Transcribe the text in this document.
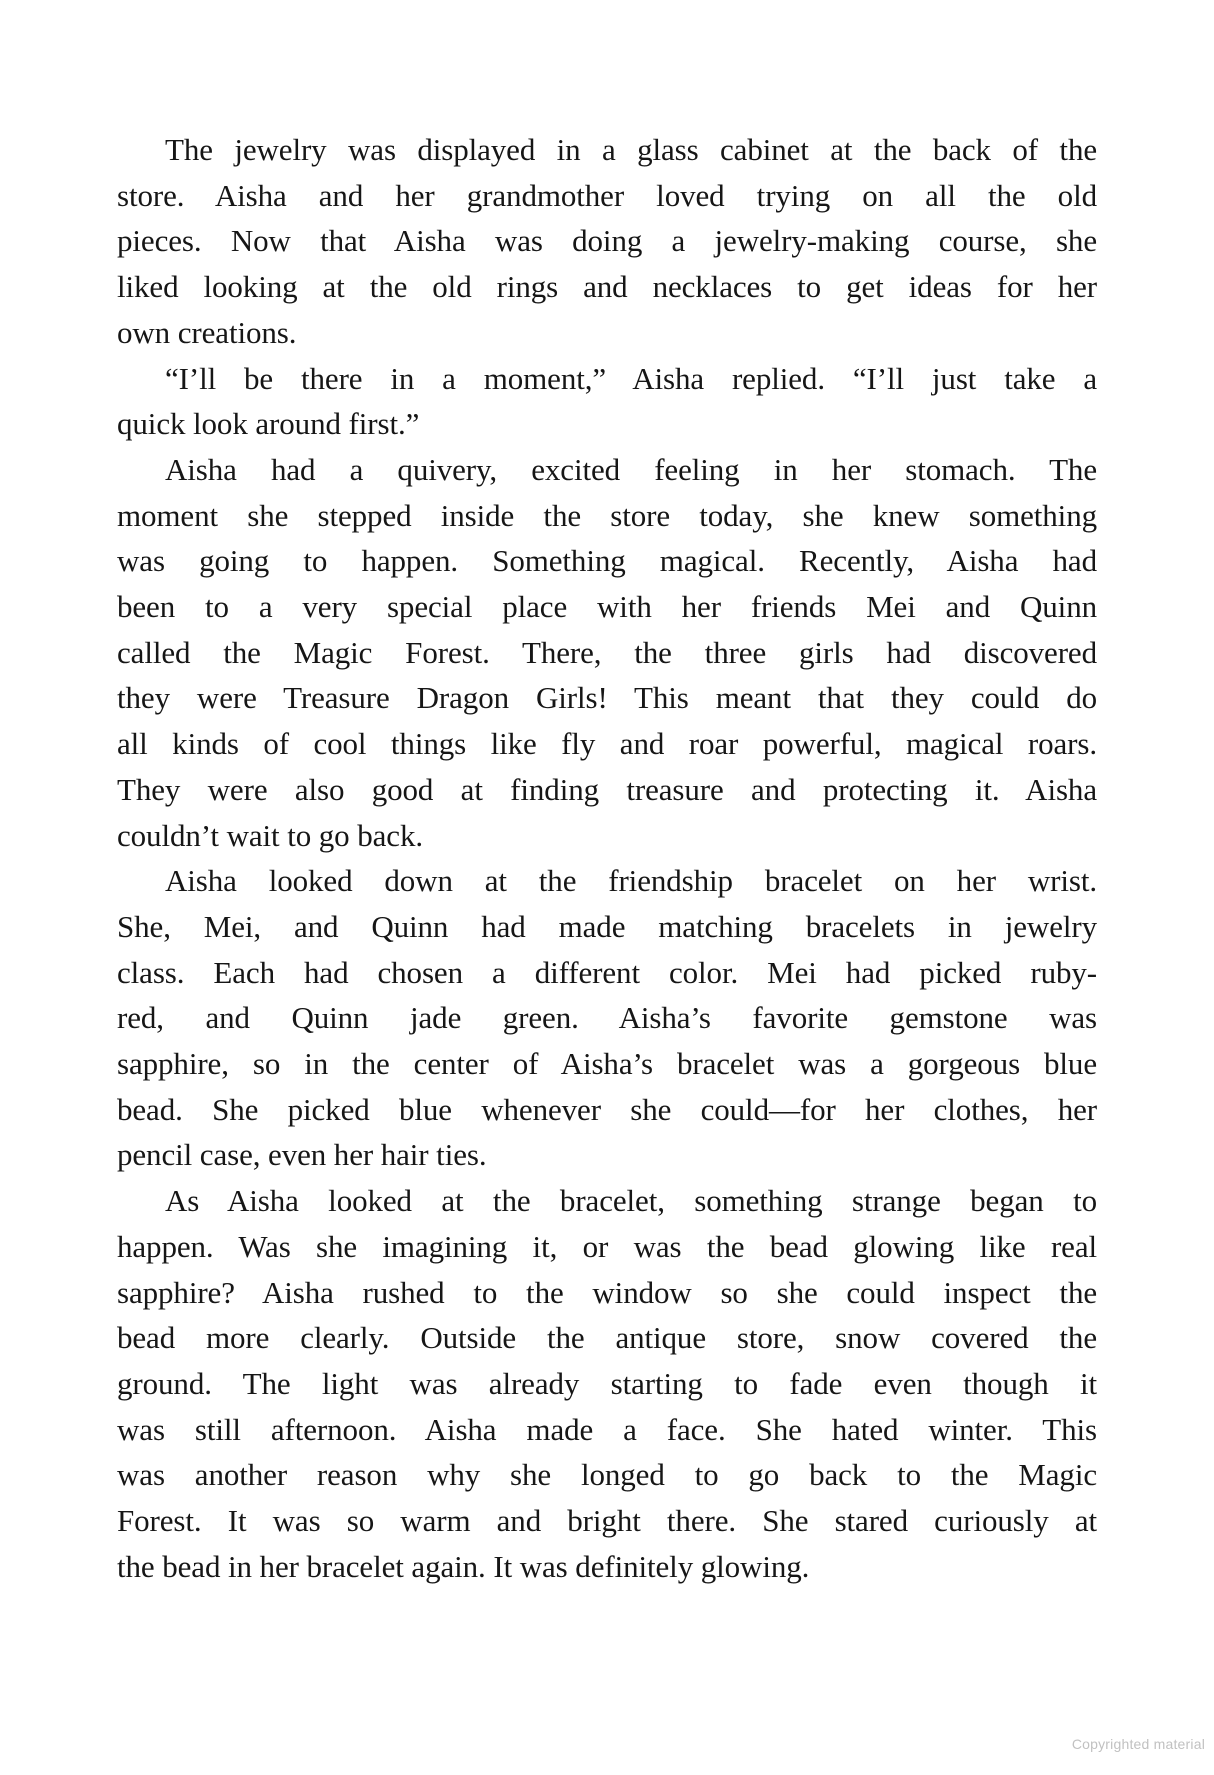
The jewelry was displayed in a glass cabinet at the back of the
store. Aisha and her grandmother loved trying on all the old
pieces. Now that Aisha was doing a jewelry-making course, she
liked looking at the old rings and necklaces to get ideas for her
own creations.
“I’ll be there in a moment,” Aisha replied. “I’ll just take a
quick look around first.”
Aisha had a quivery, excited feeling in her stomach. The
moment she stepped inside the store today, she knew something
was going to happen. Something magical. Recently, Aisha had
been to a very special place with her friends Mei and Quinn
called the Magic Forest. There, the three girls had discovered
they were Treasure Dragon Girls! This meant that they could do
all kinds of cool things like fly and roar powerful, magical roars.
They were also good at finding treasure and protecting it. Aisha
couldn’t wait to go back.
Aisha looked down at the friendship bracelet on her wrist.
She, Mei, and Quinn had made matching bracelets in jewelry
class. Each had chosen a different color. Mei had picked ruby-
red, and Quinn jade green. Aisha’s favorite gemstone was
sapphire, so in the center of Aisha’s bracelet was a gorgeous blue
bead. She picked blue whenever she could—for her clothes, her
pencil case, even her hair ties.
As Aisha looked at the bracelet, something strange began to
happen. Was she imagining it, or was the bead glowing like real
sapphire? Aisha rushed to the window so she could inspect the
bead more clearly. Outside the antique store, snow covered the
ground. The light was already starting to fade even though it
was still afternoon. Aisha made a face. She hated winter. This
was another reason why she longed to go back to the Magic
Forest. It was so warm and bright there. She stared curiously at
the bead in her bracelet again. It was definitely glowing.
Copyrighted material
